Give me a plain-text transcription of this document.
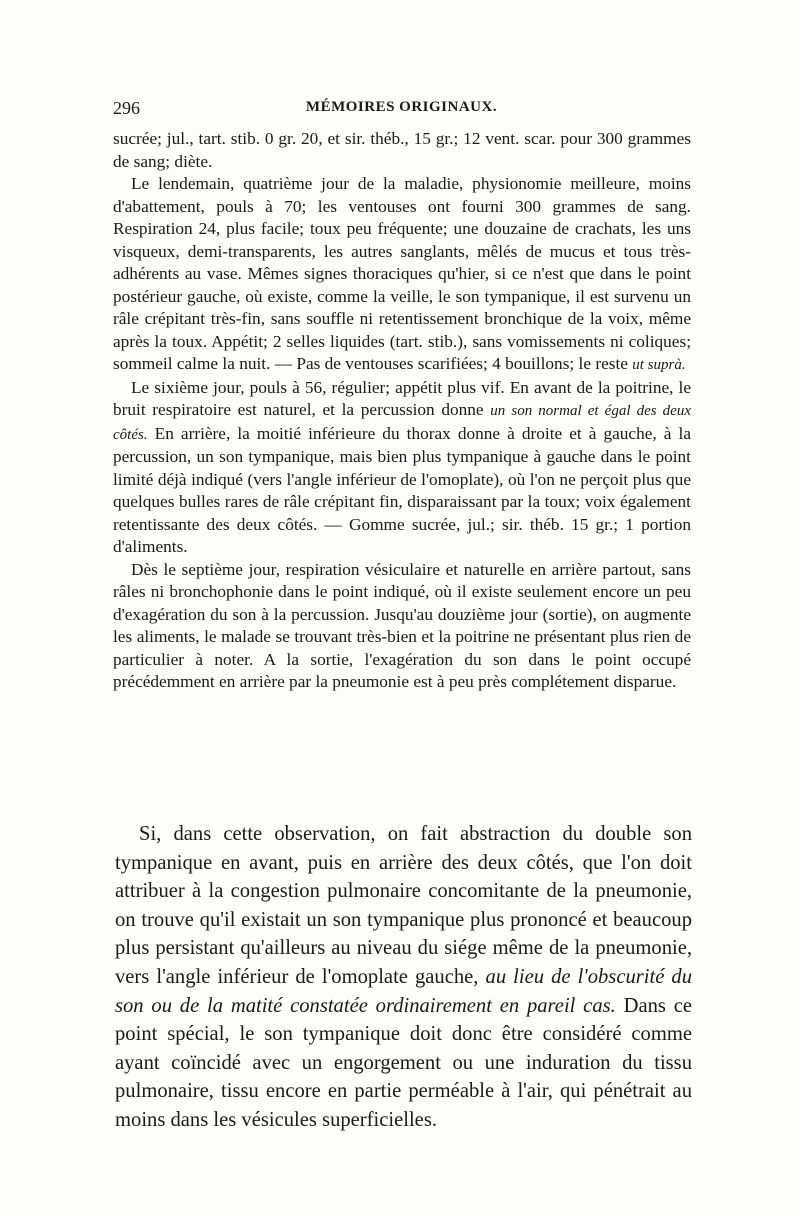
296	MÉMOIRES ORIGINAUX.

sucrée; jul., tart. stib. 0 gr. 20, et sir. théb., 15 gr.; 12 vent. scar. pour 300 grammes de sang; diète.

Le lendemain, quatrième jour de la maladie, physionomie meilleure, moins d'abattement, pouls à 70; les ventouses ont fourni 300 grammes de sang. Respiration 24, plus facile; toux peu fréquente; une douzaine de crachats, les uns visqueux, demi-transparents, les autres sanglants, mêlés de mucus et tous très-adhérents au vase. Mêmes signes thoraciques qu'hier, si ce n'est que dans le point postérieur gauche, où existe, comme la veille, le son tympanique, il est survenu un râle crépitant très-fin, sans souffle ni retentissement bronchique de la voix, même après la toux. Appétit; 2 selles liquides (tart. stib.), sans vomissements ni coliques; sommeil calme la nuit. — Pas de ventouses scarifiées; 4 bouillons; le reste ut suprà.

Le sixième jour, pouls à 56, régulier; appétit plus vif. En avant de la poitrine, le bruit respiratoire est naturel, et la percussion donne un son normal et égal des deux côtés. En arrière, la moitié inférieure du thorax donne à droite et à gauche, à la percussion, un son tympanique, mais bien plus tympanique à gauche dans le point limité déjà indiqué (vers l'angle inférieur de l'omoplate), où l'on ne perçoit plus que quelques bulles rares de râle crépitant fin, disparaissant par la toux; voix également retentissante des deux côtés. — Gomme sucrée, jul.; sir. théb. 15 gr.; 1 portion d'aliments.

Dès le septième jour, respiration vésiculaire et naturelle en arrière partout, sans râles ni bronchophonie dans le point indiqué, où il existe seulement encore un peu d'exagération du son à la percussion. Jusqu'au douzième jour (sortie), on augmente les aliments, le malade se trouvant très-bien et la poitrine ne présentant plus rien de particulier à noter. A la sortie, l'exagération du son dans le point occupé précédemment en arrière par la pneumonie est à peu près complétement disparue.

Si, dans cette observation, on fait abstraction du double son tympanique en avant, puis en arrière des deux côtés, que l'on doit attribuer à la congestion pulmonaire concomitante de la pneumonie, on trouve qu'il existait un son tympanique plus prononcé et beaucoup plus persistant qu'ailleurs au niveau du siége même de la pneumonie, vers l'angle inférieur de l'omoplate gauche, au lieu de l'obscurité du son ou de la matité constatée ordinairement en pareil cas. Dans ce point spécial, le son tympanique doit donc être considéré comme ayant coïncidé avec un engorgement ou une induration du tissu pulmonaire, tissu encore en partie perméable à l'air, qui pénétrait au moins dans les vésicules superficielles.
